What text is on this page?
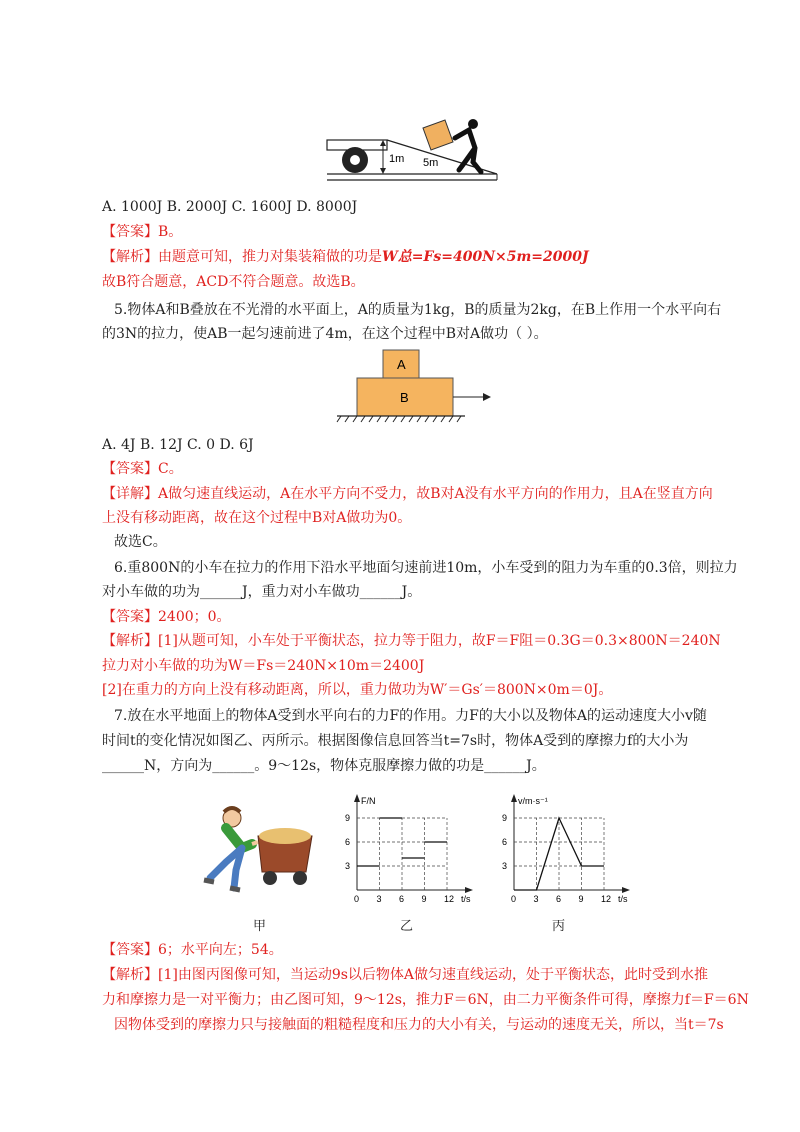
1m 5m
A. 1000J B. 2000J C. 1600J D. 8000J
【答案】B。
【解析】由题意可知，推力对集装箱做的功是W总=Fs=400N×5m=2000J
故B符合题意，ACD不符合题意。故选B。
5.物体A和B叠放在不光滑的水平面上，A的质量为1kg，B的质量为2kg，在B上作用一个水平向右
的3N的拉力，使AB一起匀速前进了4m，在这个过程中B对A做功（ ）。
A
B
A. 4J B. 12J C. 0 D. 6J
【答案】C。
【详解】A做匀速直线运动，A在水平方向不受力，故B对A没有水平方向的作用力，且A在竖直方向
上没有移动距离，故在这个过程中B对A做功为0。
故选C。
6.重800N的小车在拉力的作用下沿水平地面匀速前进10m，小车受到的阻力为车重的0.3倍，则拉力
对小车做的功为______J，重力对小车做功______J。
【答案】2400；0。
【解析】[1]从题可知，小车处于平衡状态，拉力等于阻力，故F＝F阻＝0.3G＝0.3×800N＝240N
拉力对小车做的功为W＝Fs＝240N×10m＝2400J
[2]在重力的方向上没有移动距离，所以，重力做功为W′＝Gs′＝800N×0m＝0J。
7.放在水平地面上的物体A受到水平向右的力F的作用。力F的大小以及物体A的运动速度大小v随
时间t的变化情况如图乙、丙所示。根据图像信息回答当t=7s时，物体A受到的摩擦力f的大小为
______N，方向为______。9～12s，物体克服摩擦力做的功是______J。
F/N
t/s
0 3 6 9 12
3
6
9
v/m·s⁻¹
t/s
0 3 6 9 12
3
6
9
甲	乙	丙
【答案】6；水平向左；54。
【解析】[1]由图丙图像可知，当运动9s以后物体A做匀速直线运动，处于平衡状态，此时受到水推
力和摩擦力是一对平衡力；由乙图可知，9～12s，推力F＝6N，由二力平衡条件可得，摩擦力f＝F＝6N
因物体受到的摩擦力只与接触面的粗糙程度和压力的大小有关，与运动的速度无关，所以，当t＝7s
